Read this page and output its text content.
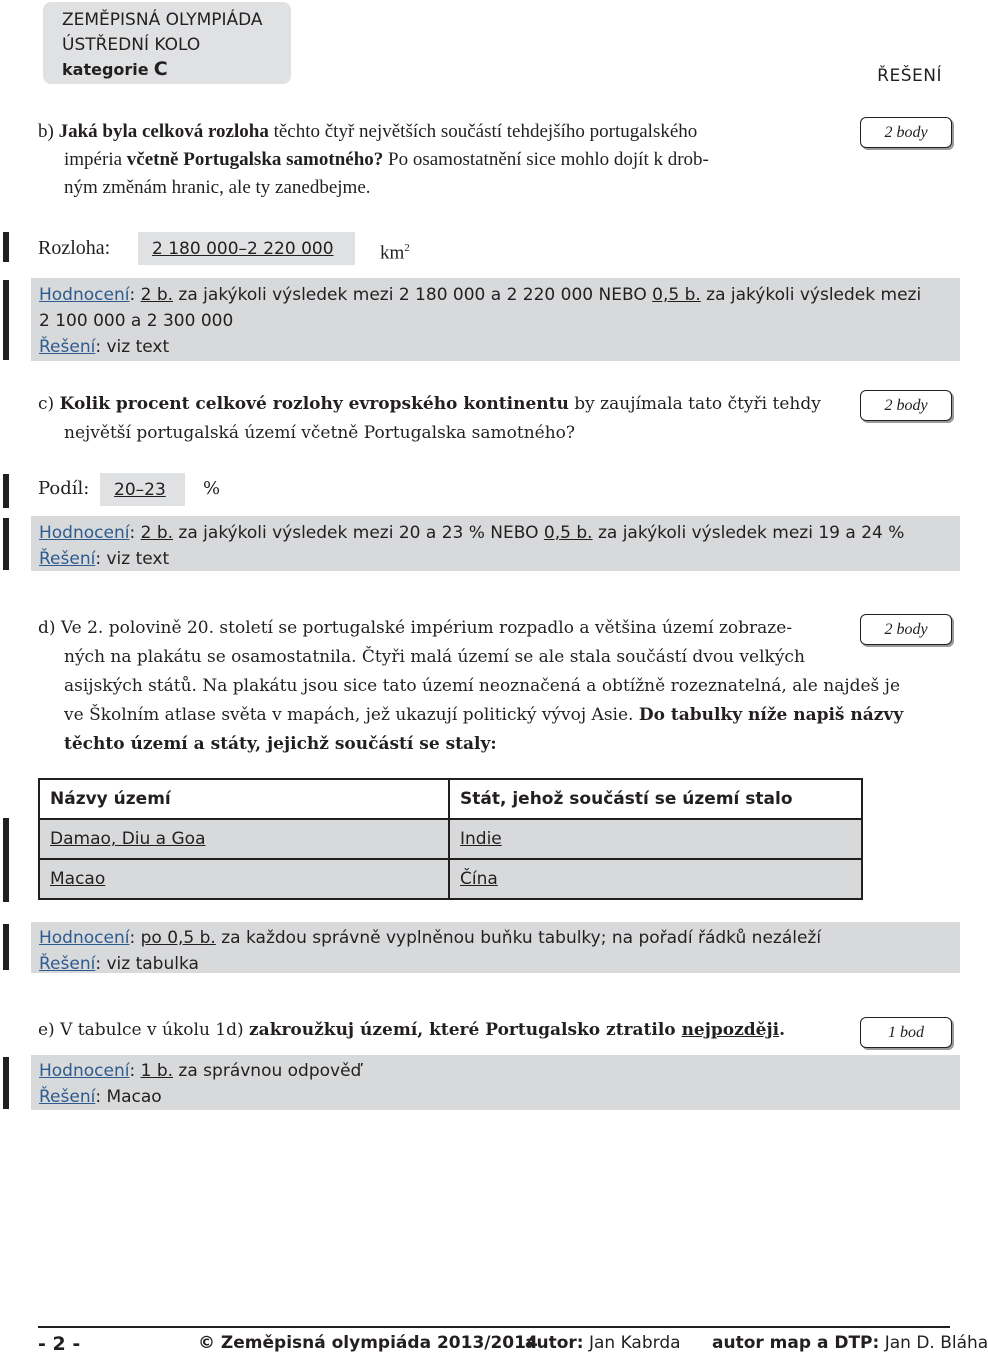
ZEMĚPISNÁ OLYMPIÁDA
ÚSTŘEDNÍ KOLO
kategorie C	ŘEŠENÍ
b) Jaká byla celková rozloha těchto čtyř největších součástí tehdejšího portugalského
impéria včetně Portugalska samotného? Po osamostatnění sice mohlo dojít k drob-
ným změnám hranic, ale ty zanedbejme.
2 body
Rozloha:	2 180 000–2 220 000	$km^2$
Hodnocení: 2 b. za jakýkoli výsledek mezi 2 180 000 a 2 220 000 NEBO 0,5 b. za jakýkoli výsledek mezi
2 100 000 a 2 300 000
Řešení: viz text
c) Kolik procent celkové rozlohy evropského kontinentu by zaujímala tato čtyři tehdy
největší portugalská území včetně Portugalska samotného?
2 body
Podíl:	20–23	%
Hodnocení: 2 b. za jakýkoli výsledek mezi 20 a 23 % NEBO 0,5 b. za jakýkoli výsledek mezi 19 a 24 %
Řešení: viz text
d) Ve 2. polovině 20. století se portugalské impérium rozpadlo a většina území zobraze-
ných na plakátu se osamostatnila. Čtyři malá území se ale stala součástí dvou velkých
asijských států. Na plakátu jsou sice tato území neoznačená a obtížně rozeznatelná, ale najdeš je
ve Školním atlase světa v mapách, jež ukazují politický vývoj Asie. Do tabulky níže napiš názvy
těchto území a státy, jejichž součástí se staly:
2 body
Názvy území	Stát, jehož součástí se území stalo
Damao, Diu a Goa	Indie
Macao	Čína
Hodnocení: po 0,5 b. za každou správně vyplněnou buňku tabulky; na pořadí řádků nezáleží
Řešení: viz tabulka
e) V tabulce v úkolu 1d) zakroužkuj území, které Portugalsko ztratilo nejpozději.	1 bod
Hodnocení: 1 b. za správnou odpověď
Řešení: Macao
- 2 -	© Zeměpisná olympiáda 2013/2014
autor: Jan Kabrda autor map a DTP: Jan D. Bláha
